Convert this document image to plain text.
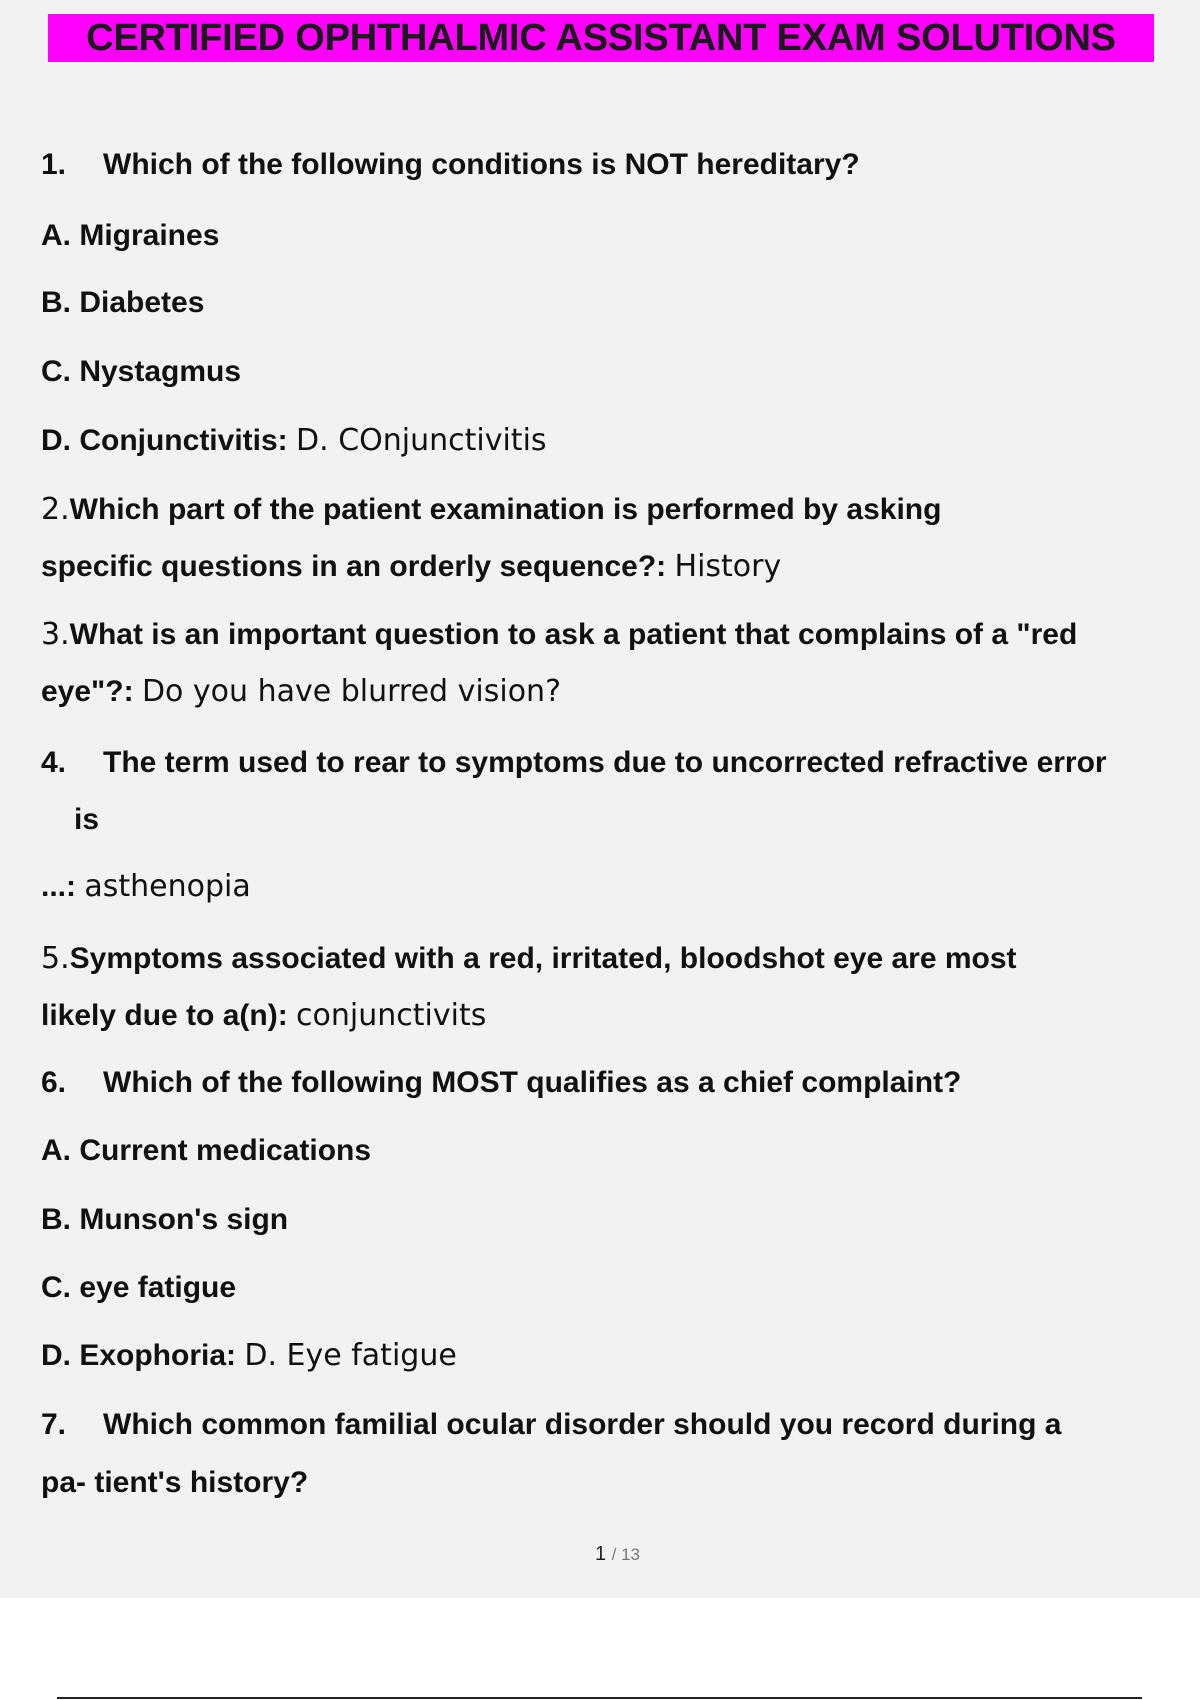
CERTIFIED OPHTHALMIC ASSISTANT EXAM SOLUTIONS
1. Which of the following conditions is NOT hereditary?
A. Migraines
B. Diabetes
C. Nystagmus
D. Conjunctivitis: D. COnjunctivitis
2.Which part of the patient examination is performed by asking
specific questions in an orderly sequence?: History
3.What is an important question to ask a patient that complains of a "red
eye"?: Do you have blurred vision?
4. The term used to rear to symptoms due to uncorrected refractive error
is
...: asthenopia
5.Symptoms associated with a red, irritated, bloodshot eye are most
likely due to a(n): conjunctivits
6. Which of the following MOST qualifies as a chief complaint?
A. Current medications
B. Munson's sign
C. eye fatigue
D. Exophoria: D. Eye fatigue
7. Which common familial ocular disorder should you record during a
pa- tient's history?
1 / 13
